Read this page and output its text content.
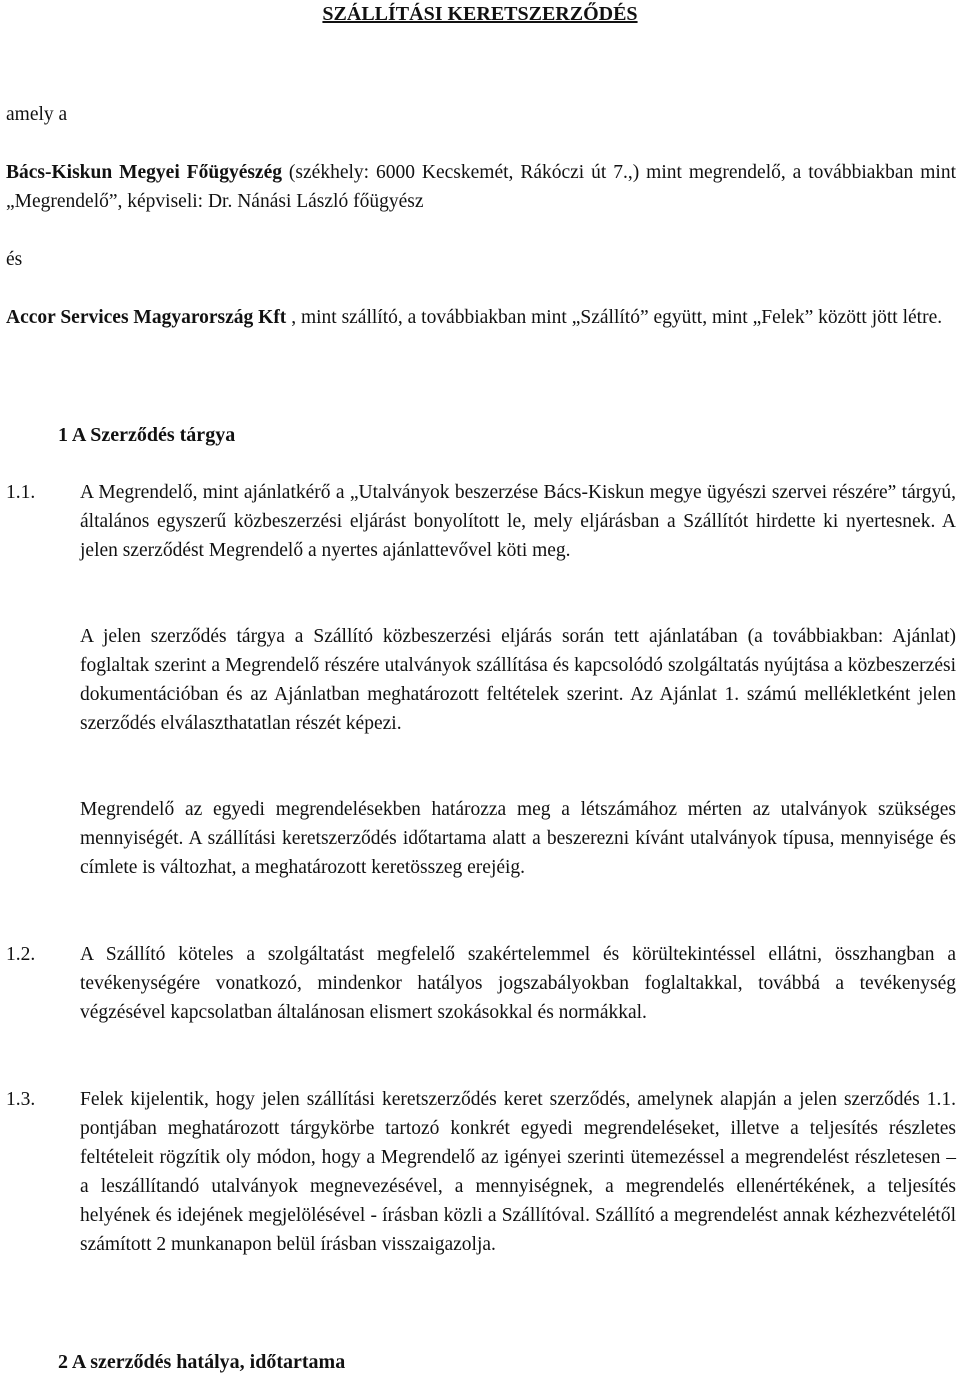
SZÁLLÍTÁSI KERETSZERZŐDÉS

amely a

Bács-Kiskun Megyei Főügyészég (székhely: 6000 Kecskemét, Rákóczi út 7.,) mint megrendelő, a továbbiakban mint „Megrendelő”, képviseli: Dr. Nánási László főügyész

és

Accor Services Magyarország Kft , mint szállító, a továbbiakban mint „Szállító” együtt, mint „Felek” között jött létre.

1 A Szerződés tárgya
1.1. A Megrendelő, mint ajánlatkérő a „Utalványok beszerzése Bács-Kiskun megye ügyészi szervei részére” tárgyú, általános egyszerű közbeszerzési eljárást bonyolított le, mely eljárásban a Szállítót hirdette ki nyertesnek. A jelen szerződést Megrendelő a nyertes ajánlattevővel köti meg.

A jelen szerződés tárgya a Szállító közbeszerzési eljárás során tett ajánlatában (a továbbiakban: Ajánlat) foglaltak szerint a Megrendelő részére utalványok szállítása és kapcsolódó szolgáltatás nyújtása a közbeszerzési dokumentációban és az Ajánlatban meghatározott feltételek szerint. Az Ajánlat 1. számú mellékletként jelen szerződés elválaszthatatlan részét képezi.

Megrendelő az egyedi megrendelésekben határozza meg a létszámához mérten az utalványok szükséges mennyiségét. A szállítási keretszerződés időtartama alatt a beszerezni kívánt utalványok típusa, mennyisége és címlete is változhat, a meghatározott keretösszeg erejéig.

1.2. A Szállító köteles a szolgáltatást megfelelő szakértelemmel és körültekintéssel ellátni, összhangban a tevékenységére vonatkozó, mindenkor hatályos jogszabályokban foglaltakkal, továbbá a tevékenység végzésével kapcsolatban általánosan elismert szokásokkal és normákkal.

1.3. Felek kijelentik, hogy jelen szállítási keretszerződés keret szerződés, amelynek alapján a jelen szerződés 1.1. pontjában meghatározott tárgykörbe tartozó konkrét egyedi megrendeléseket, illetve a teljesítés részletes feltételeit rögzítik oly módon, hogy a Megrendelő az igényei szerinti ütemezéssel a megrendelést részletesen – a leszállítandó utalványok megnevezésével, a mennyiségnek, a megrendelés ellenértékének, a teljesítés helyének és idejének megjelölésével - írásban közli a Szállítóval. Szállító a megrendelést annak kézhezvételétől számított 2 munkanapon belül írásban visszaigazolja.

2 A szerződés hatálya, időtartama
